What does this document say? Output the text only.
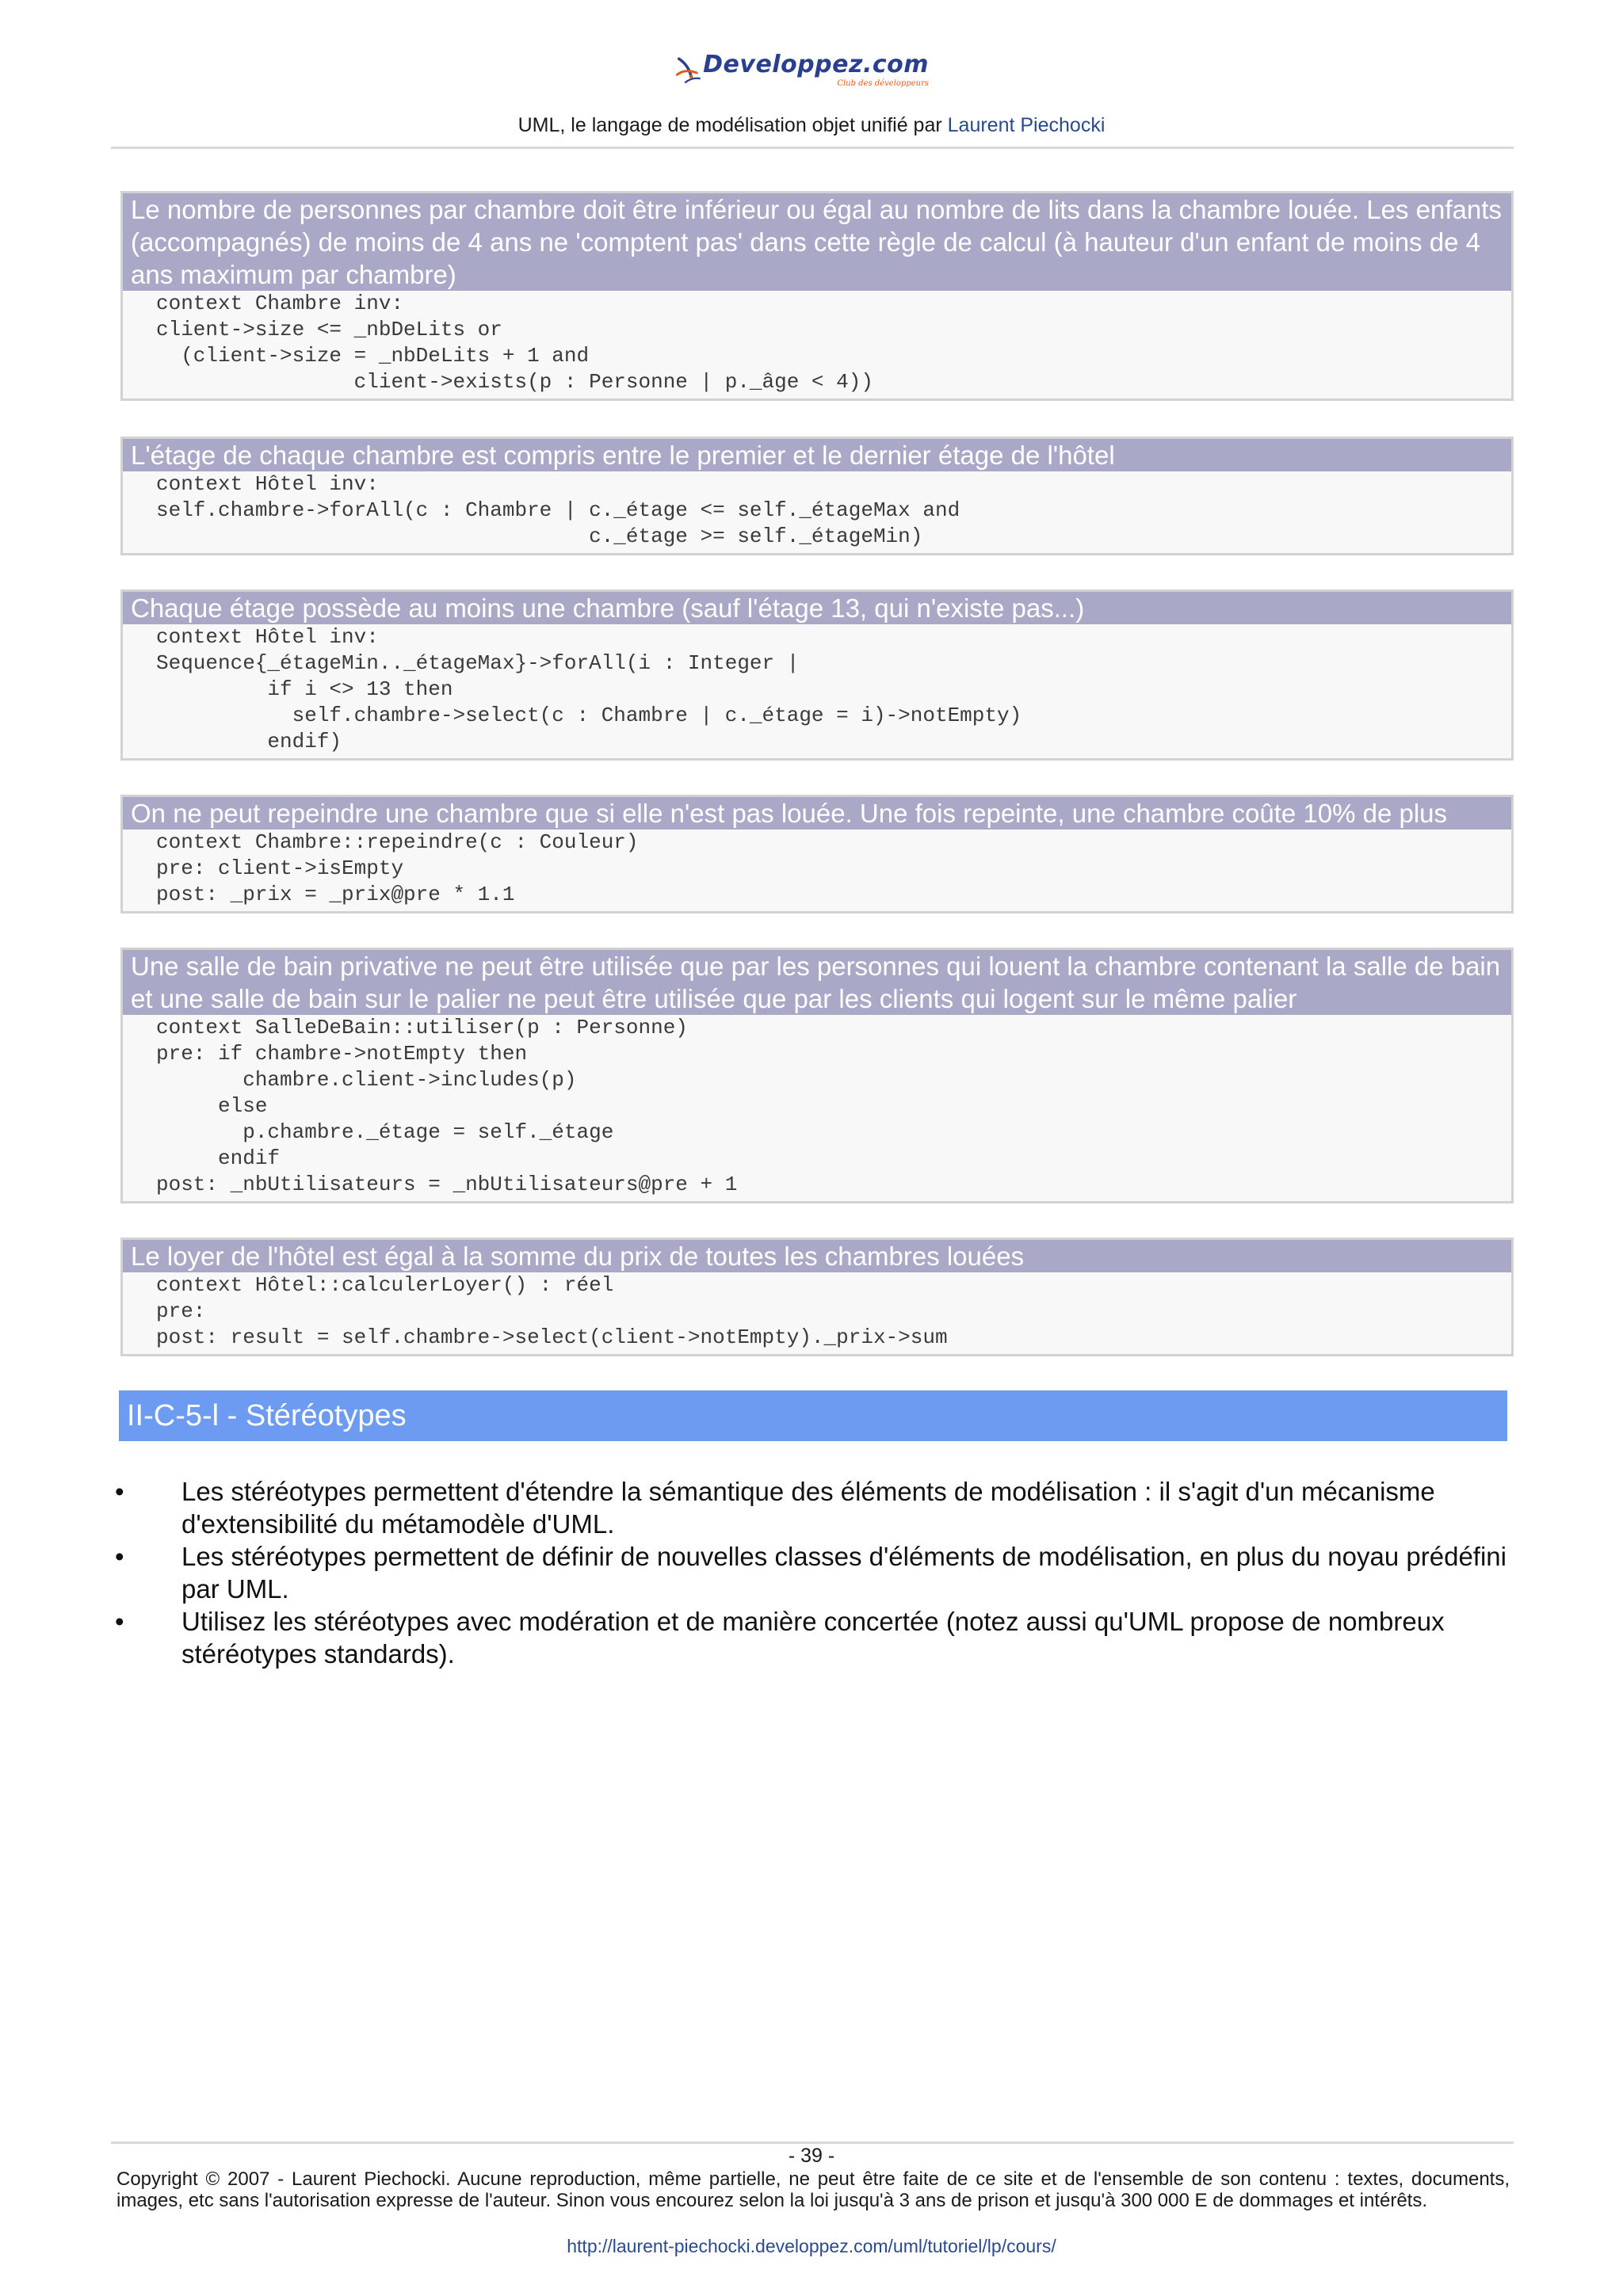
Developpez.com
Club des développeurs
UML, le langage de modélisation objet unifié par Laurent Piechocki
Le nombre de personnes par chambre doit être inférieur ou égal au nombre de lits dans la chambre louée. Les enfants (accompagnés) de moins de 4 ans ne 'comptent pas' dans cette règle de calcul (à hauteur d'un enfant de moins de 4 ans maximum par chambre)
context Chambre inv:
client->size <= _nbDeLits or
(client->size = _nbDeLits + 1 and
client->exists(p : Personne | p._âge < 4))
L'étage de chaque chambre est compris entre le premier et le dernier étage de l'hôtel
context Hôtel inv:
self.chambre->forAll(c : Chambre | c._étage <= self._étageMax and
c._étage >= self._étageMin)
Chaque étage possède au moins une chambre (sauf l'étage 13, qui n'existe pas...)
context Hôtel inv:
Sequence{_étageMin.._étageMax}->forAll(i : Integer |
if i <> 13 then
self.chambre->select(c : Chambre | c._étage = i)->notEmpty)
endif)
On ne peut repeindre une chambre que si elle n'est pas louée. Une fois repeinte, une chambre coûte 10% de plus
context Chambre::repeindre(c : Couleur)
pre: client->isEmpty
post: _prix = _prix@pre * 1.1
Une salle de bain privative ne peut être utilisée que par les personnes qui louent la chambre contenant la salle de bain et une salle de bain sur le palier ne peut être utilisée que par les clients qui logent sur le même palier
context SalleDeBain::utiliser(p : Personne)
pre: if chambre->notEmpty then
chambre.client->includes(p)
else
p.chambre._étage = self._étage
endif
post: _nbUtilisateurs = _nbUtilisateurs@pre + 1
Le loyer de l'hôtel est égal à la somme du prix de toutes les chambres louées
context Hôtel::calculerLoyer() : réel
pre:
post: result = self.chambre->select(client->notEmpty)._prix->sum
II-C-5-l - Stéréotypes
• Les stéréotypes permettent d'étendre la sémantique des éléments de modélisation : il s'agit d'un mécanisme d'extensibilité du métamodèle d'UML.
• Les stéréotypes permettent de définir de nouvelles classes d'éléments de modélisation, en plus du noyau prédéfini par UML.
• Utilisez les stéréotypes avec modération et de manière concertée (notez aussi qu'UML propose de nombreux stéréotypes standards).
- 39 -
Copyright © 2007 - Laurent Piechocki. Aucune reproduction, même partielle, ne peut être faite de ce site et de l'ensemble de son contenu : textes, documents, images, etc sans l'autorisation expresse de l'auteur. Sinon vous encourez selon la loi jusqu'à 3 ans de prison et jusqu'à 300 000 E de dommages et intérêts.
http://laurent-piechocki.developpez.com/uml/tutoriel/lp/cours/
